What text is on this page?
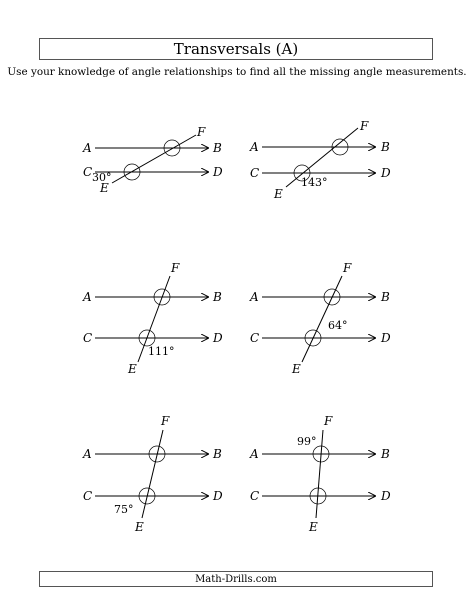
Transversals (A)
Use your knowledge of angle relationships to find all the missing angle measurements.
A	B
C	D
E
F
30°
A	B
C	D
E
F
143°
A	B
C	D
E
F
111°
A	B
C	D
E
F
64°
A	B
C	D
E
F
75°
A	B
C	D
E
F
99°
Math-Drills.com
